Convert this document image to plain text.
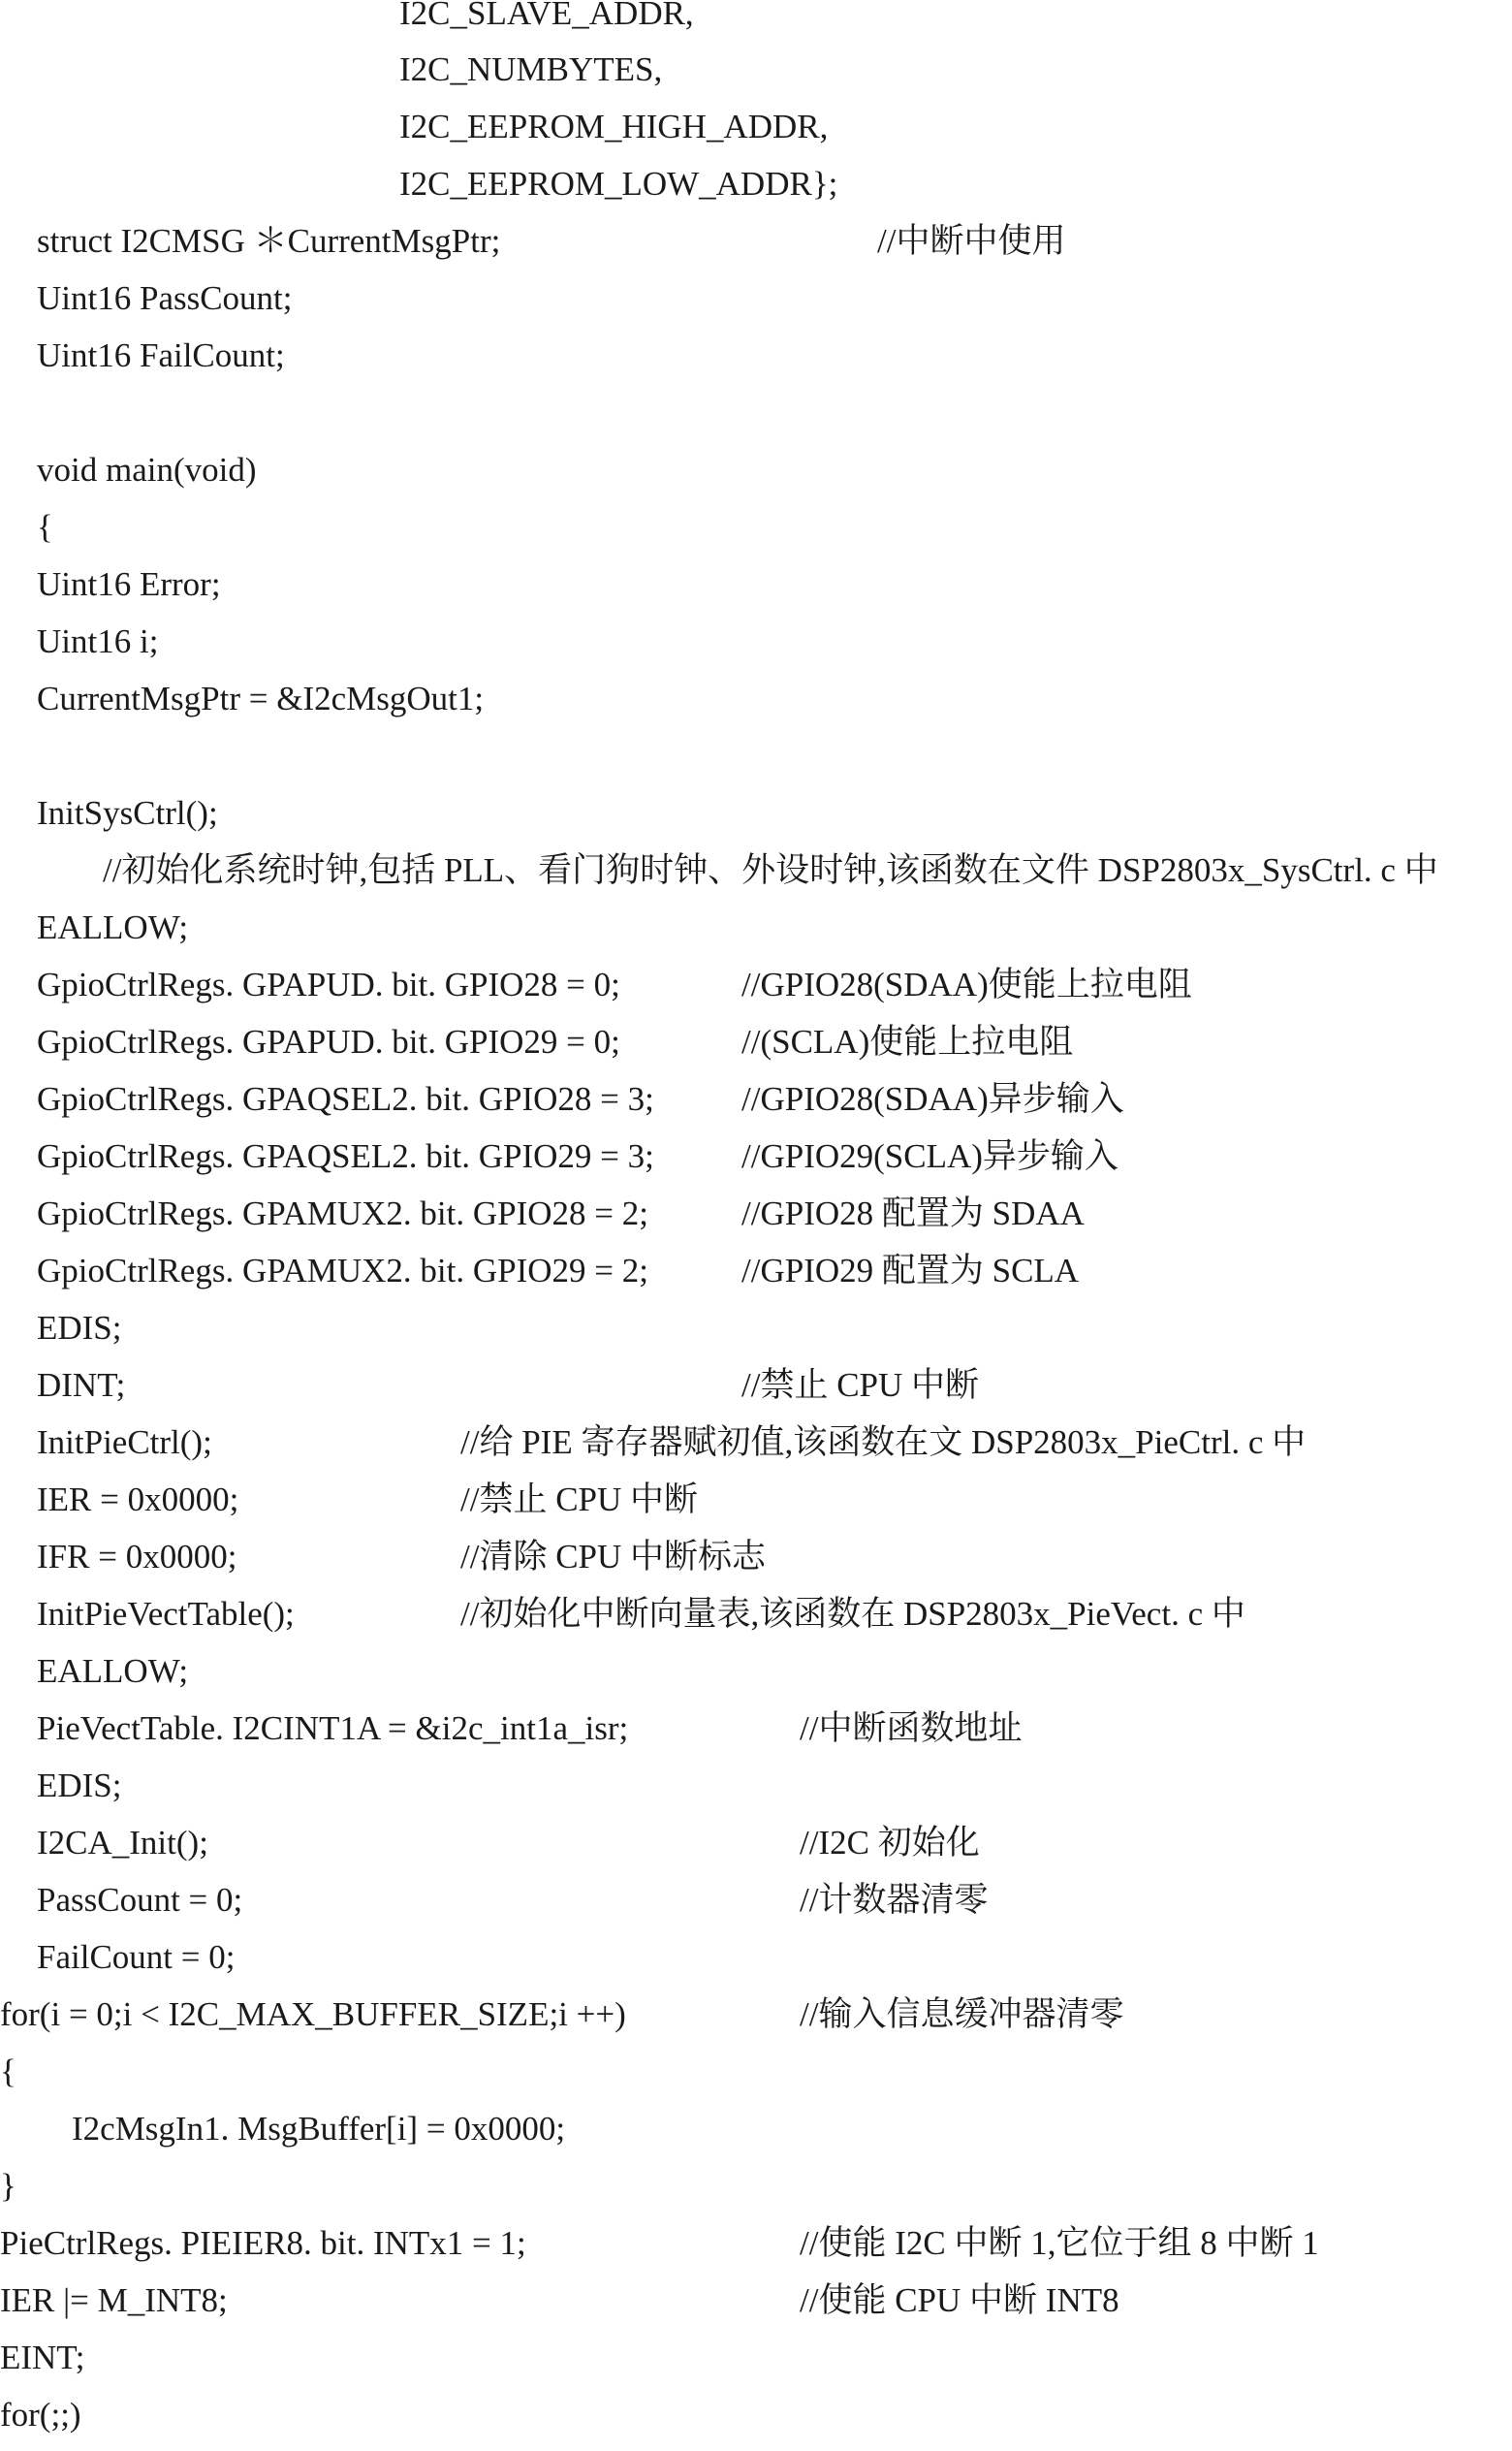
I2C_SLAVE_ADDR,
I2C_NUMBYTES,
I2C_EEPROM_HIGH_ADDR,
I2C_EEPROM_LOW_ADDR};
struct I2CMSG ＊CurrentMsgPtr;	//中断中使用
Uint16 PassCount;
Uint16 FailCount;
void main(void)
{
Uint16 Error;
Uint16 i;
CurrentMsgPtr = &I2cMsgOut1;
InitSysCtrl();
//初始化系统时钟,包括 PLL、看门狗时钟、外设时钟,该函数在文件 DSP2803x_SysCtrl. c 中
EALLOW;
GpioCtrlRegs. GPAPUD. bit. GPIO28 = 0;	//GPIO28(SDAA)使能上拉电阻
GpioCtrlRegs. GPAPUD. bit. GPIO29 = 0;	//(SCLA)使能上拉电阻
GpioCtrlRegs. GPAQSEL2. bit. GPIO28 = 3;	//GPIO28(SDAA)异步输入
GpioCtrlRegs. GPAQSEL2. bit. GPIO29 = 3;	//GPIO29(SCLA)异步输入
GpioCtrlRegs. GPAMUX2. bit. GPIO28 = 2;	//GPIO28 配置为 SDAA
GpioCtrlRegs. GPAMUX2. bit. GPIO29 = 2;	//GPIO29 配置为 SCLA
EDIS;
DINT;	//禁止 CPU 中断
InitPieCtrl();	//给 PIE 寄存器赋初值,该函数在文 DSP2803x_PieCtrl. c 中
IER = 0x0000;	//禁止 CPU 中断
IFR = 0x0000;	//清除 CPU 中断标志
InitPieVectTable();	//初始化中断向量表,该函数在 DSP2803x_PieVect. c 中
EALLOW;
PieVectTable. I2CINT1A = &i2c_int1a_isr;	//中断函数地址
EDIS;
I2CA_Init();	//I2C 初始化
PassCount = 0;	//计数器清零
FailCount = 0;
for(i = 0;i < I2C_MAX_BUFFER_SIZE;i ++)	//输入信息缓冲器清零
{
I2cMsgIn1. MsgBuffer[i] = 0x0000;
}
PieCtrlRegs. PIEIER8. bit. INTx1 = 1;	//使能 I2C 中断 1,它位于组 8 中断 1
IER |= M_INT8;	//使能 CPU 中断 INT8
EINT;
for(;;)
